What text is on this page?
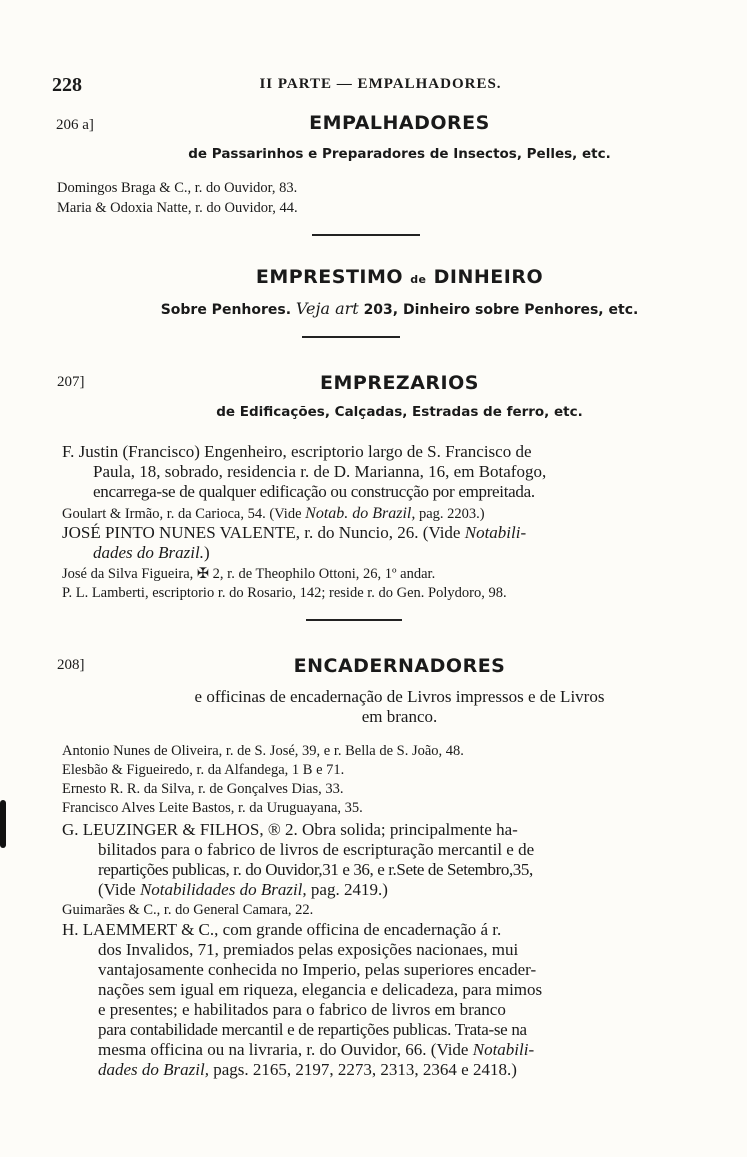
228	II PARTE — EMPALHADORES.
206 a]	EMPALHADORES
de Passarinhos e Preparadores de Insectos, Pelles, etc.
Domingos Braga & C., r. do Ouvidor, 83.
Maria & Odoxia Natte, r. do Ouvidor, 44.
EMPRESTIMO de DINHEIRO
Sobre Penhores. Veja art 203, Dinheiro sobre Penhores, etc.
207]	EMPREZARIOS
de Edificações, Calçadas, Estradas de ferro, etc.
F. Justin (Francisco) Engenheiro, escriptorio largo de S. Francisco de
Paula, 18, sobrado, residencia r. de D. Marianna, 16, em Botafogo,
encarrega-se de qualquer edificação ou construcção por empreitada.
Goulart & Irmão, r. da Carioca, 54. (Vide Notab. do Brazil, pag. 2203.)
JOSÉ PINTO NUNES VALENTE, r. do Nuncio, 26. (Vide Notabili-
dades do Brazil.)
José da Silva Figueira, ✠ 2, r. de Theophilo Ottoni, 26, 1º andar.
P. L. Lamberti, escriptorio r. do Rosario, 142; reside r. do Gen. Polydoro, 98.
208]	ENCADERNADORES
e officinas de encadernação de Livros impressos e de Livros
em branco.
Antonio Nunes de Oliveira, r. de S. José, 39, e r. Bella de S. João, 48.
Elesbão & Figueiredo, r. da Alfandega, 1 B e 71.
Ernesto R. R. da Silva, r. de Gonçalves Dias, 33.
Francisco Alves Leite Bastos, r. da Uruguayana, 35.
G. LEUZINGER & FILHOS, ® 2. Obra solida; principalmente ha-
bilitados para o fabrico de livros de escripturação mercantil e de
repartições publicas, r. do Ouvidor,31 e 36, e r.Sete de Setembro,35,
(Vide Notabilidades do Brazil, pag. 2419.)
Guimarães & C., r. do General Camara, 22.
H. LAEMMERT & C., com grande officina de encadernação á r.
dos Invalidos, 71, premiados pelas exposições nacionaes, mui
vantajosamente conhecida no Imperio, pelas superiores encader-
nações sem igual em riqueza, elegancia e delicadeza, para mimos
e presentes; e habilitados para o fabrico de livros em branco
para contabilidade mercantil e de repartições publicas. Trata-se na
mesma officina ou na livraria, r. do Ouvidor, 66. (Vide Notabili-
dades do Brazil, pags. 2165, 2197, 2273, 2313, 2364 e 2418.)
